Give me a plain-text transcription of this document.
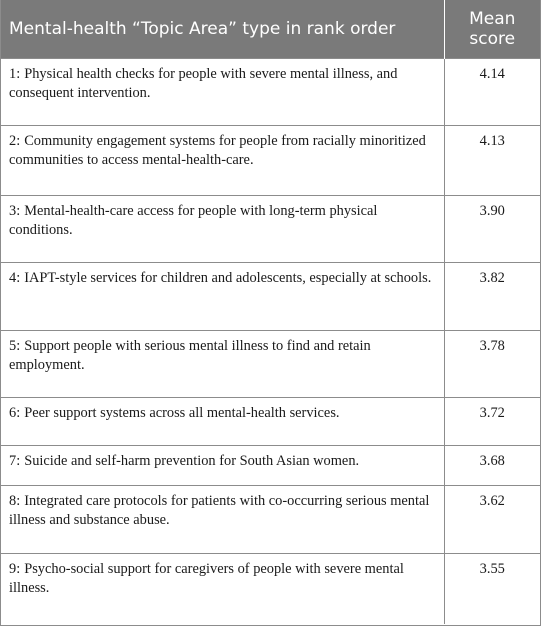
Mental-health “Topic Area” type in rank order	Mean score
1: Physical health checks for people with severe mental illness, and consequent intervention.	4.14
2: Community engagement systems for people from racially minoritized communities to access mental-health-care.	4.13
3: Mental-health-care access for people with long-term physical conditions.	3.90
4: IAPT-style services for children and adolescents, especially at schools.	3.82
5: Support people with serious mental illness to find and retain employment.	3.78
6: Peer support systems across all mental-health services.	3.72
7: Suicide and self-harm prevention for South Asian women.	3.68
8: Integrated care protocols for patients with co-occurring serious mental illness and substance abuse.	3.62
9: Psycho-social support for caregivers of people with severe mental illness.	3.55
